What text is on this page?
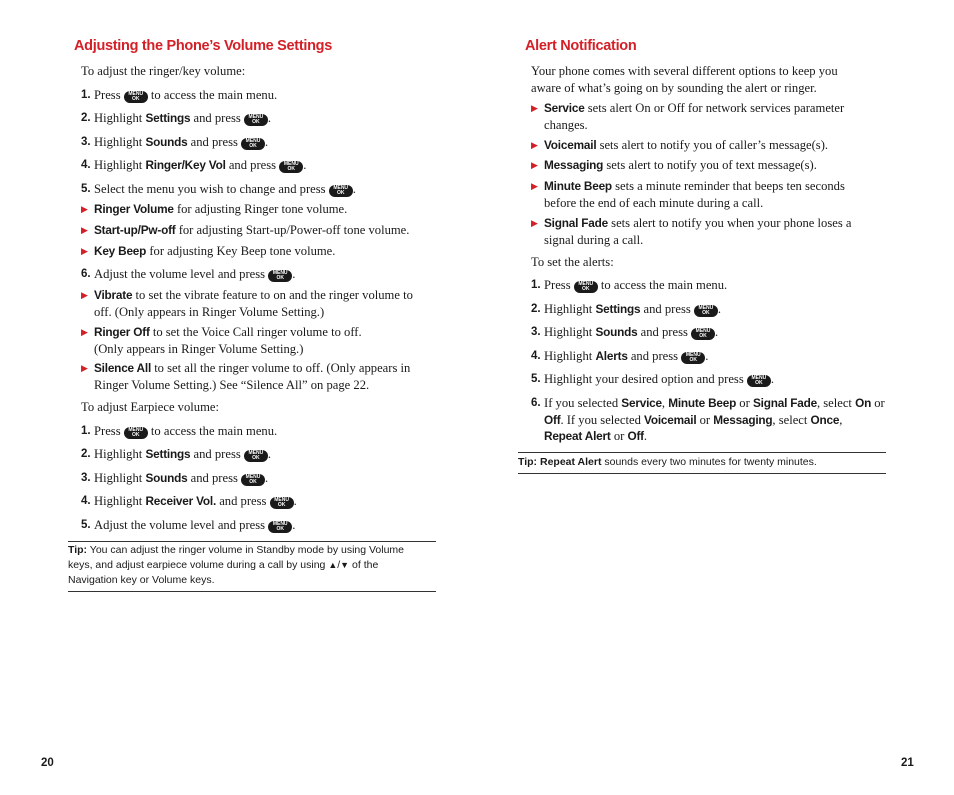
Adjusting the Phone’s Volume Settings
To adjust the ringer/key volume:
1. Press MENU
OK to access the main menu.
2. Highlight Settings and press MENU
OK .
3. Highlight Sounds and press MENU
OK .
4. Highlight Ringer/Key Vol and press MENU
OK .
5. Select the menu you wish to change and press MENU
OK .
▶ Ringer Volume for adjusting Ringer tone volume.
▶ Start-up/Pw-off for adjusting Start-up/Power-off tone volume.
▶ Key Beep for adjusting Key Beep tone volume.
6. Adjust the volume level and press MENU
OK .
▶ Vibrate to set the vibrate feature to on and the ringer volume to
off. (Only appears in Ringer Volume Setting.)
▶ Ringer Off to set the Voice Call ringer volume to off.
(Only appears in Ringer Volume Setting.)
▶ Silence All to set all the ringer volume to off. (Only appears in
Ringer Volume Setting.) See “Silence All” on page 22.
To adjust Earpiece volume:
1. Press MENU
OK to access the main menu.
2. Highlight Settings and press MENU
OK .
3. Highlight Sounds and press MENU
OK .
4. Highlight Receiver Vol. and press MENU
OK .
5. Adjust the volume level and press MENU
OK .
Tip: You can adjust the ringer volume in Standby mode by using Volume
keys, and adjust earpiece volume during a call by using ▲/▼ of the
Navigation key or Volume keys.
20
Alert Notification
Your phone comes with several different options to keep you
aware of what’s going on by sounding the alert or ringer.
▶ Service sets alert On or Off for network services parameter
changes.
▶ Voicemail sets alert to notify you of caller’s message(s).
▶ Messaging sets alert to notify you of text message(s).
▶ Minute Beep sets a minute reminder that beeps ten seconds
before the end of each minute during a call.
▶ Signal Fade sets alert to notify you when your phone loses a
signal during a call.
To set the alerts:
1. Press MENU
OK to access the main menu.
2. Highlight Settings and press MENU
OK .
3. Highlight Sounds and press MENU
OK .
4. Highlight Alerts and press MENU
OK .
5. Highlight your desired option and press MENU
OK .
6. If you selected Service, Minute Beep or Signal Fade, select On or
Off. If you selected Voicemail or Messaging, select Once,
Repeat Alert or Off.
Tip: Repeat Alert sounds every two minutes for twenty minutes.
21
